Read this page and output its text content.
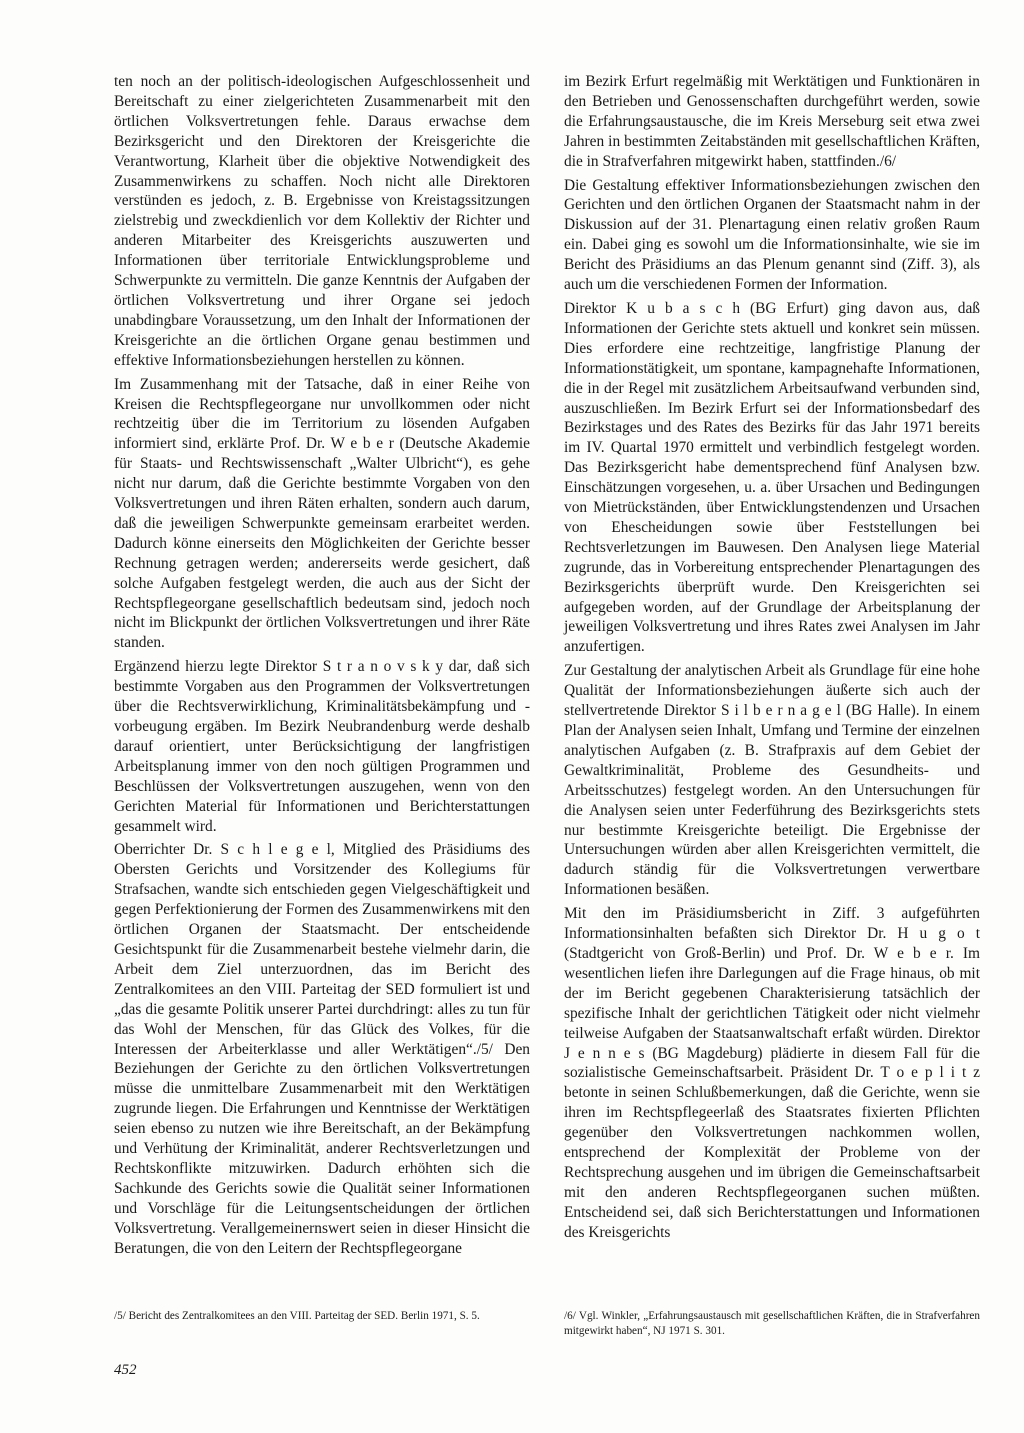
ten noch an der politisch-ideologischen Aufgeschlossenheit und Bereitschaft zu einer zielgerichteten Zusammenarbeit mit den örtlichen Volksvertretungen fehle. Daraus erwachse dem Bezirksgericht und den Direktoren der Kreisgerichte die Verantwortung, Klarheit über die objektive Notwendigkeit des Zusammenwirkens zu schaffen. Noch nicht alle Direktoren verstünden es jedoch, z. B. Ergebnisse von Kreistagssitzungen zielstrebig und zweckdienlich vor dem Kollektiv der Richter und anderen Mitarbeiter des Kreisgerichts auszuwerten und Informationen über territoriale Entwicklungsprobleme und Schwerpunkte zu vermitteln. Die ganze Kenntnis der Aufgaben der örtlichen Volksvertretung und ihrer Organe sei jedoch unabdingbare Voraussetzung, um den Inhalt der Informationen der Kreisgerichte an die örtlichen Organe genau bestimmen und effektive Informationsbeziehungen herstellen zu können.

Im Zusammenhang mit der Tatsache, daß in einer Reihe von Kreisen die Rechtspflegeorgane nur unvollkommen oder nicht rechtzeitig über die im Territorium zu lösenden Aufgaben informiert sind, erklärte Prof. Dr. W e b e r (Deutsche Akademie für Staats- und Rechtswissenschaft „Walter Ulbricht“), es gehe nicht nur darum, daß die Gerichte bestimmte Vorgaben von den Volksvertretungen und ihren Räten erhalten, sondern auch darum, daß die jeweiligen Schwerpunkte gemeinsam erarbeitet werden. Dadurch könne einerseits den Möglichkeiten der Gerichte besser Rechnung getragen werden; andererseits werde gesichert, daß solche Aufgaben festgelegt werden, die auch aus der Sicht der Rechtspflegeorgane gesellschaftlich bedeutsam sind, jedoch noch nicht im Blickpunkt der örtlichen Volksvertretungen und ihrer Räte standen.

Ergänzend hierzu legte Direktor S t r a n o v s k y dar, daß sich bestimmte Vorgaben aus den Programmen der Volksvertretungen über die Rechtsverwirklichung, Kriminalitätsbekämpfung und -vorbeugung ergäben. Im Bezirk Neubrandenburg werde deshalb darauf orientiert, unter Berücksichtigung der langfristigen Arbeitsplanung immer von den noch gültigen Programmen und Beschlüssen der Volksvertretungen auszugehen, wenn von den Gerichten Material für Informationen und Berichterstattungen gesammelt wird.

Oberrichter Dr. S c h l e g e l, Mitglied des Präsidiums des Obersten Gerichts und Vorsitzender des Kollegiums für Strafsachen, wandte sich entschieden gegen Vielgeschäftigkeit und gegen Perfektionierung der Formen des Zusammenwirkens mit den örtlichen Organen der Staatsmacht. Der entscheidende Gesichtspunkt für die Zusammenarbeit bestehe vielmehr darin, die Arbeit dem Ziel unterzuordnen, das im Bericht des Zentralkomitees an den VIII. Parteitag der SED formuliert ist und „das die gesamte Politik unserer Partei durchdringt: alles zu tun für das Wohl der Menschen, für das Glück des Volkes, für die Interessen der Arbeiterklasse und aller Werktätigen“./5/ Den Beziehungen der Gerichte zu den örtlichen Volksvertretungen müsse die unmittelbare Zusammenarbeit mit den Werktätigen zugrunde liegen. Die Erfahrungen und Kenntnisse der Werktätigen seien ebenso zu nutzen wie ihre Bereitschaft, an der Bekämpfung und Verhütung der Kriminalität, anderer Rechtsverletzungen und Rechtskonflikte mitzuwirken. Dadurch erhöhten sich die Sachkunde des Gerichts sowie die Qualität seiner Informationen und Vorschläge für die Leitungsentscheidungen der örtlichen Volksvertretung. Verallgemeinernswert seien in dieser Hinsicht die Beratungen, die von den Leitern der Rechtspflegeorgane

im Bezirk Erfurt regelmäßig mit Werktätigen und Funktionären in den Betrieben und Genossenschaften durchgeführt werden, sowie die Erfahrungsaustausche, die im Kreis Merseburg seit etwa zwei Jahren in bestimmten Zeitabständen mit gesellschaftlichen Kräften, die in Strafverfahren mitgewirkt haben, stattfinden./6/

Die Gestaltung effektiver Informationsbeziehungen zwischen den Gerichten und den örtlichen Organen der Staatsmacht nahm in der Diskussion auf der 31. Plenartagung einen relativ großen Raum ein. Dabei ging es sowohl um die Informationsinhalte, wie sie im Bericht des Präsidiums an das Plenum genannt sind (Ziff. 3), als auch um die verschiedenen Formen der Information.

Direktor K u b a s c h (BG Erfurt) ging davon aus, daß Informationen der Gerichte stets aktuell und konkret sein müssen. Dies erfordere eine rechtzeitige, langfristige Planung der Informationstätigkeit, um spontane, kampagnehafte Informationen, die in der Regel mit zusätzlichem Arbeitsaufwand verbunden sind, auszuschließen. Im Bezirk Erfurt sei der Informationsbedarf des Bezirkstages und des Rates des Bezirks für das Jahr 1971 bereits im IV. Quartal 1970 ermittelt und verbindlich festgelegt worden. Das Bezirksgericht habe dementsprechend fünf Analysen bzw. Einschätzungen vorgesehen, u. a. über Ursachen und Bedingungen von Mietrückständen, über Entwicklungstendenzen und Ursachen von Ehescheidungen sowie über Feststellungen bei Rechtsverletzungen im Bauwesen. Den Analysen liege Material zugrunde, das in Vorbereitung entsprechender Plenartagungen des Bezirksgerichts überprüft wurde. Den Kreisgerichten sei aufgegeben worden, auf der Grundlage der Arbeitsplanung der jeweiligen Volksvertretung und ihres Rates zwei Analysen im Jahr anzufertigen.

Zur Gestaltung der analytischen Arbeit als Grundlage für eine hohe Qualität der Informationsbeziehungen äußerte sich auch der stellvertretende Direktor S i l b e r n a g e l (BG Halle). In einem Plan der Analysen seien Inhalt, Umfang und Termine der einzelnen analytischen Aufgaben (z. B. Strafpraxis auf dem Gebiet der Gewaltkriminalität, Probleme des Gesundheits- und Arbeitsschutzes) festgelegt worden. An den Untersuchungen für die Analysen seien unter Federführung des Bezirksgerichts stets nur bestimmte Kreisgerichte beteiligt. Die Ergebnisse der Untersuchungen würden aber allen Kreisgerichten vermittelt, die dadurch ständig für die Volksvertretungen verwertbare Informationen besäßen.

Mit den im Präsidiumsbericht in Ziff. 3 aufgeführten Informationsinhalten befaßten sich Direktor Dr. H u g o t (Stadtgericht von Groß-Berlin) und Prof. Dr. W e b e r. Im wesentlichen liefen ihre Darlegungen auf die Frage hinaus, ob mit der im Bericht gegebenen Charakterisierung tatsächlich der spezifische Inhalt der gerichtlichen Tätigkeit oder nicht vielmehr teilweise Aufgaben der Staatsanwaltschaft erfaßt würden. Direktor J e n n e s (BG Magdeburg) plädierte in diesem Fall für die sozialistische Gemeinschaftsarbeit. Präsident Dr. T o e p l i t z betonte in seinen Schlußbemerkungen, daß die Gerichte, wenn sie ihren im Rechtspflegeerlaß des Staatsrates fixierten Pflichten gegenüber den Volksvertretungen nachkommen wollen, entsprechend der Komplexität der Probleme von der Rechtsprechung ausgehen und im übrigen die Gemeinschaftsarbeit mit den anderen Rechtspflegeorganen suchen müßten. Entscheidend sei, daß sich Berichterstattungen und Informationen des Kreisgerichts

/5/ Bericht des Zentralkomitees an den VIII. Parteitag der SED. Berlin 1971, S. 5.	/6/ Vgl. Winkler, „Erfahrungsaustausch mit gesellschaftlichen Kräften, die in Strafverfahren mitgewirkt haben“, NJ 1971 S. 301.
452
